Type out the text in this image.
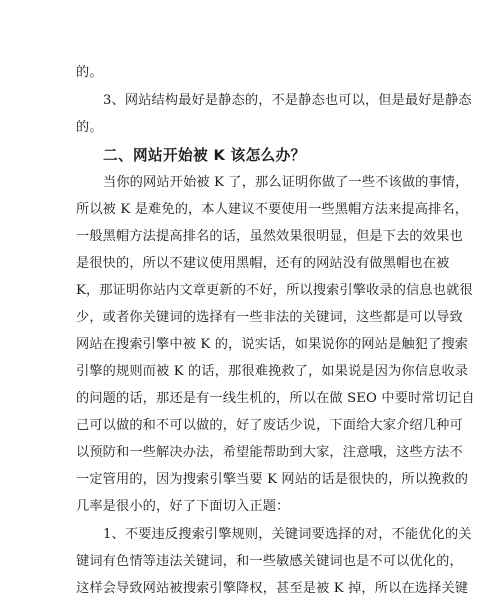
的。
3、网站结构最好是静态的，不是静态也可以，但是最好是静态
的。
二、网站开始被 K 该怎么办？
当你的网站开始被 K 了，那么证明你做了一些不该做的事情，
所以被 K 是难免的，本人建议不要使用一些黑帽方法来提高排名，
一般黑帽方法提高排名的话，虽然效果很明显，但是下去的效果也
是很快的，所以不建议使用黑帽，还有的网站没有做黑帽也在被
K，那证明你站内文章更新的不好，所以搜索引擎收录的信息也就很
少，或者你关键词的选择有一些非法的关键词，这些都是可以导致
网站在搜索引擎中被 K 的，说实话，如果说你的网站是触犯了搜索
引擎的规则而被 K 的话，那很难挽救了，如果说是因为你信息收录
的问题的话，那还是有一线生机的，所以在做 SEO 中要时常切记自
己可以做的和不可以做的，好了废话少说，下面给大家介绍几种可
以预防和一些解决办法，希望能帮助到大家，注意哦，这些方法不
一定管用的，因为搜索引擎当要 K 网站的话是很快的，所以挽救的
几率是很小的，好了下面切入正题：
1、不要违反搜索引擎规则，关键词要选择的对，不能优化的关
键词有色情等违法关键词，和一些敏感关键词也是不可以优化的，
这样会导致网站被搜索引擎降权，甚至是被 K 掉，所以在选择关键
